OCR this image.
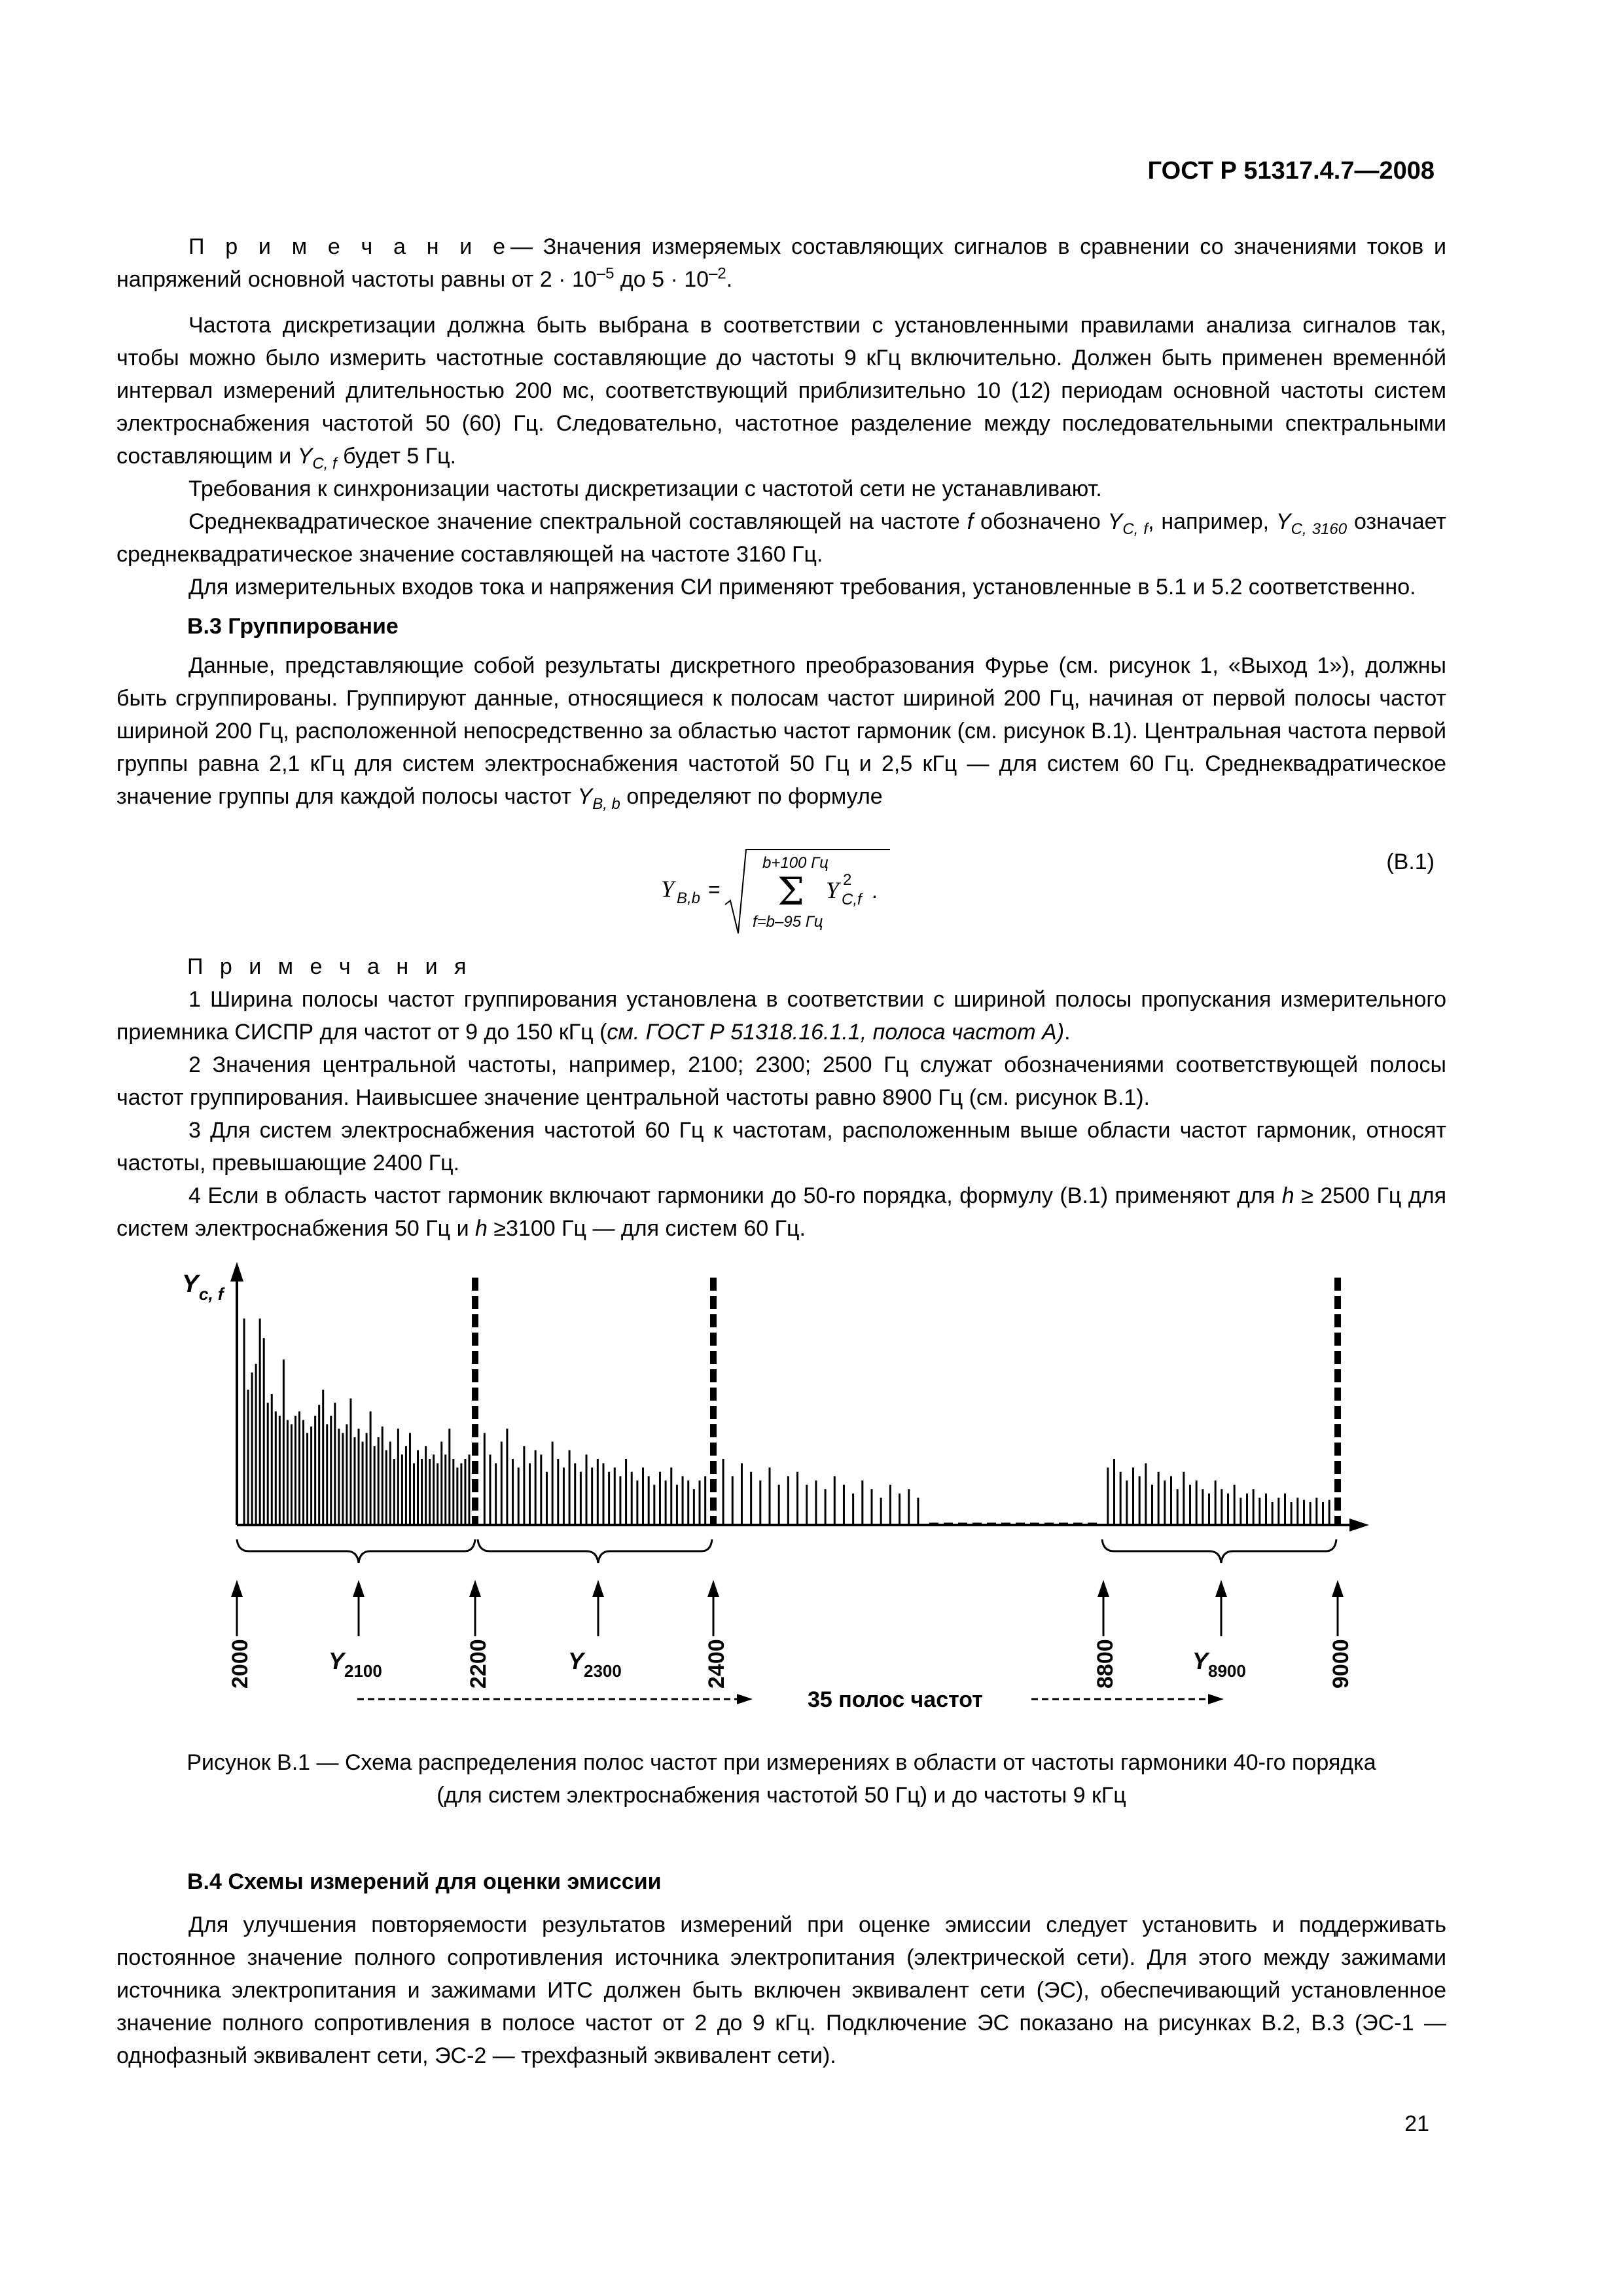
ГОСТ Р 51317.4.7—2008

П р и м е ч а н и е— Значения измеряемых составляющих сигналов в сравнении со значениями токов и напряжений основной частоты равны от $2 \cdot 10^{-5}$ до $5 \cdot 10^{-2}$.

Частота дискретизации должна быть выбрана в соответствии с установленными правилами анализа сигналов так, чтобы можно было измерить частотные составляющие до частоты 9 кГц включительно. Должен быть применен временнóй интервал измерений длительностью 200 мс, соответствующий приблизительно 10 (12) периодам основной частоты систем электроснабжения частотой 50 (60) Гц. Следовательно, частотное разделение между последовательными спектральными составляющим и $Y_{C, f}$ будет 5 Гц.

Требования к синхронизации частоты дискретизации с частотой сети не устанавливают.

Среднеквадратическое значение спектральной составляющей на частоте f обозначено $Y_{C, f}$, например, $Y_{C, 3160}$ означает среднеквадратическое значение составляющей на частоте 3160 Гц.

Для измерительных входов тока и напряжения СИ применяют требования, установленные в 5.1 и 5.2 соответственно.

В.3 Группирование

Данные, представляющие собой результаты дискретного преобразования Фурье (см. рисунок 1, «Выход 1»), должны быть сгруппированы. Группируют данные, относящиеся к полосам частот шириной 200 Гц, начиная от первой полосы частот шириной 200 Гц, расположенной непосредственно за областью частот гармоник (см. рисунок В.1). Центральная частота первой группы равна 2,1 кГц для систем электроснабжения частотой 50 Гц и 2,5 кГц — для систем 60 Гц. Среднеквадратическое значение группы для каждой полосы частот $Y_{B, b}$ определяют по формуле

Y B,b =
b+100 Гц
Σ
f=b–95 Гц
Y 2
C,f .
(B.1)

П р и м е ч а н и я

1 Ширина полосы частот группирования установлена в соответствии с шириной полосы пропускания измерительного приемника СИСПР для частот от 9 до 150 кГц (см. ГОСТ Р 51318.16.1.1, полоса частот А).

2 Значения центральной частоты, например, 2100; 2300; 2500 Гц служат обозначениями соответствующей полосы частот группирования. Наивысшее значение центральной частоты равно 8900 Гц (см. рисунок В.1).

3 Для систем электроснабжения частотой 60 Гц к частотам, расположенным выше области частот гармоник, относят частоты, превышающие 2400 Гц.

4 Если в область частот гармоник включают гармоники до 50-го порядка, формулу (В.1) применяют для h ≥ 2500 Гц для систем электроснабжения 50 Гц и h ≥3100 Гц — для систем 60 Гц.

Y c, f
2000	2200	2400	8800	9000
Y 2100	Y 2300	Y 8900
35 полос частот
Рисунок В.1 — Схема распределения полос частот при измерениях в области от частоты гармоники 40-го порядка
(для систем электроснабжения частотой 50 Гц) и до частоты 9 кГц

В.4 Схемы измерений для оценки эмиссии

Для улучшения повторяемости результатов измерений при оценке эмиссии следует установить и поддерживать постоянное значение полного сопротивления источника электропитания (электрической сети). Для этого между зажимами источника электропитания и зажимами ИТС должен быть включен эквивалент сети (ЭС), обеспечивающий установленное значение полного сопротивления в полосе частот от 2 до 9 кГц. Подключение ЭС показано на рисунках В.2, В.3 (ЭС-1 — однофазный эквивалент сети, ЭС-2 — трехфазный эквивалент сети).

21
